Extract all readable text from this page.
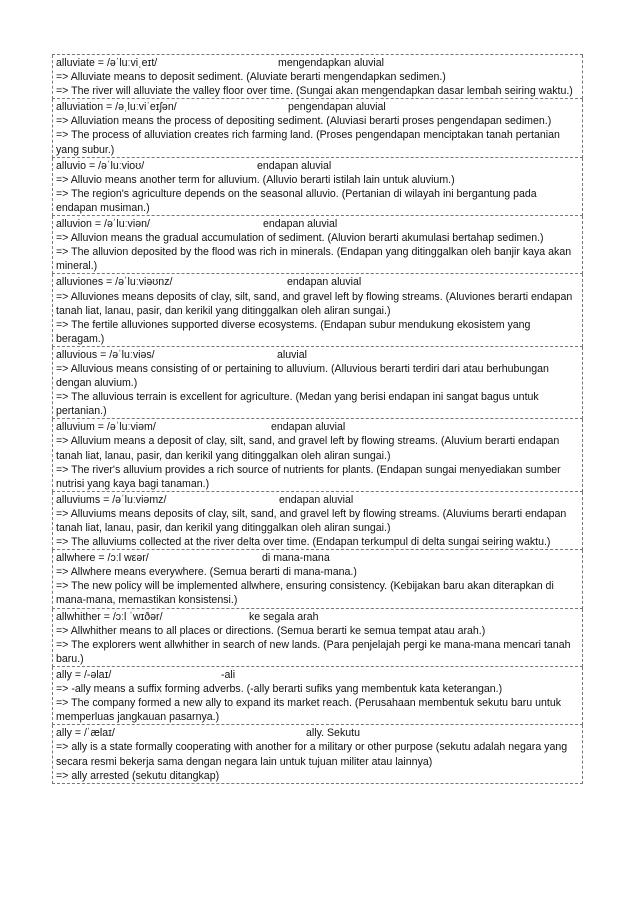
alluviate = /əˈluːviˌeɪt/	mengendapkan aluvial
=> Alluviate means to deposit sediment. (Aluviate berarti mengendapkan sedimen.)
=> The river will alluviate the valley floor over time. (Sungai akan mengendapkan dasar lembah seiring waktu.)
alluviation = /əˌluːviˈeɪʃən/	pengendapan aluvial
=> Alluviation means the process of depositing sediment. (Aluviasi berarti proses pengendapan sedimen.)
=> The process of alluviation creates rich farming land. (Proses pengendapan menciptakan tanah pertanian yang subur.)
alluvio = /əˈluːvioʊ/	endapan aluvial
=> Alluvio means another term for alluvium. (Alluvio berarti istilah lain untuk aluvium.)
=> The region's agriculture depends on the seasonal alluvio. (Pertanian di wilayah ini bergantung pada endapan musiman.)
alluvion = /əˈluːviən/	endapan aluvial
=> Alluvion means the gradual accumulation of sediment. (Aluvion berarti akumulasi bertahap sedimen.)
=> The alluvion deposited by the flood was rich in minerals. (Endapan yang ditinggalkan oleh banjir kaya akan mineral.)
alluviones = /əˈluːviəʊnz/	endapan aluvial
=> Alluviones means deposits of clay, silt, sand, and gravel left by flowing streams. (Aluviones berarti endapan tanah liat, lanau, pasir, dan kerikil yang ditinggalkan oleh aliran sungai.)
=> The fertile alluviones supported diverse ecosystems. (Endapan subur mendukung ekosistem yang beragam.)
alluvious = /əˈluːviəs/	aluvial
=> Alluvious means consisting of or pertaining to alluvium. (Alluvious berarti terdiri dari atau berhubungan dengan aluvium.)
=> The alluvious terrain is excellent for agriculture. (Medan yang berisi endapan ini sangat bagus untuk pertanian.)
alluvium = /əˈluːviəm/	endapan aluvial
=> Alluvium means a deposit of clay, silt, sand, and gravel left by flowing streams. (Aluvium berarti endapan tanah liat, lanau, pasir, dan kerikil yang ditinggalkan oleh aliran sungai.)
=> The river's alluvium provides a rich source of nutrients for plants. (Endapan sungai menyediakan sumber nutrisi yang kaya bagi tanaman.)
alluviums = /əˈluːviəmz/	endapan aluvial
=> Alluviums means deposits of clay, silt, sand, and gravel left by flowing streams. (Aluviums berarti endapan tanah liat, lanau, pasir, dan kerikil yang ditinggalkan oleh aliran sungai.)
=> The alluviums collected at the river delta over time. (Endapan terkumpul di delta sungai seiring waktu.)
allwhere = /ɔːl wεər/	di mana-mana
=> Allwhere means everywhere. (Semua berarti di mana-mana.)
=> The new policy will be implemented allwhere, ensuring consistency. (Kebijakan baru akan diterapkan di mana-mana, memastikan konsistensi.)
allwhither = /ɔːl ˈwɪðər/	ke segala arah
=> Allwhither means to all places or directions. (Semua berarti ke semua tempat atau arah.)
=> The explorers went allwhither in search of new lands. (Para penjelajah pergi ke mana-mana mencari tanah baru.)
ally = /-əlaɪ/	-ali
=> -ally means a suffix forming adverbs. (-ally berarti sufiks yang membentuk kata keterangan.)
=> The company formed a new ally to expand its market reach. (Perusahaan membentuk sekutu baru untuk memperluas jangkauan pasarnya.)
ally = /ˈælaɪ/	ally. Sekutu
=> ally is a state formally cooperating with another for a military or other purpose (sekutu adalah negara yang secara resmi bekerja sama dengan negara lain untuk tujuan militer atau lainnya)
=> ally arrested (sekutu ditangkap)
